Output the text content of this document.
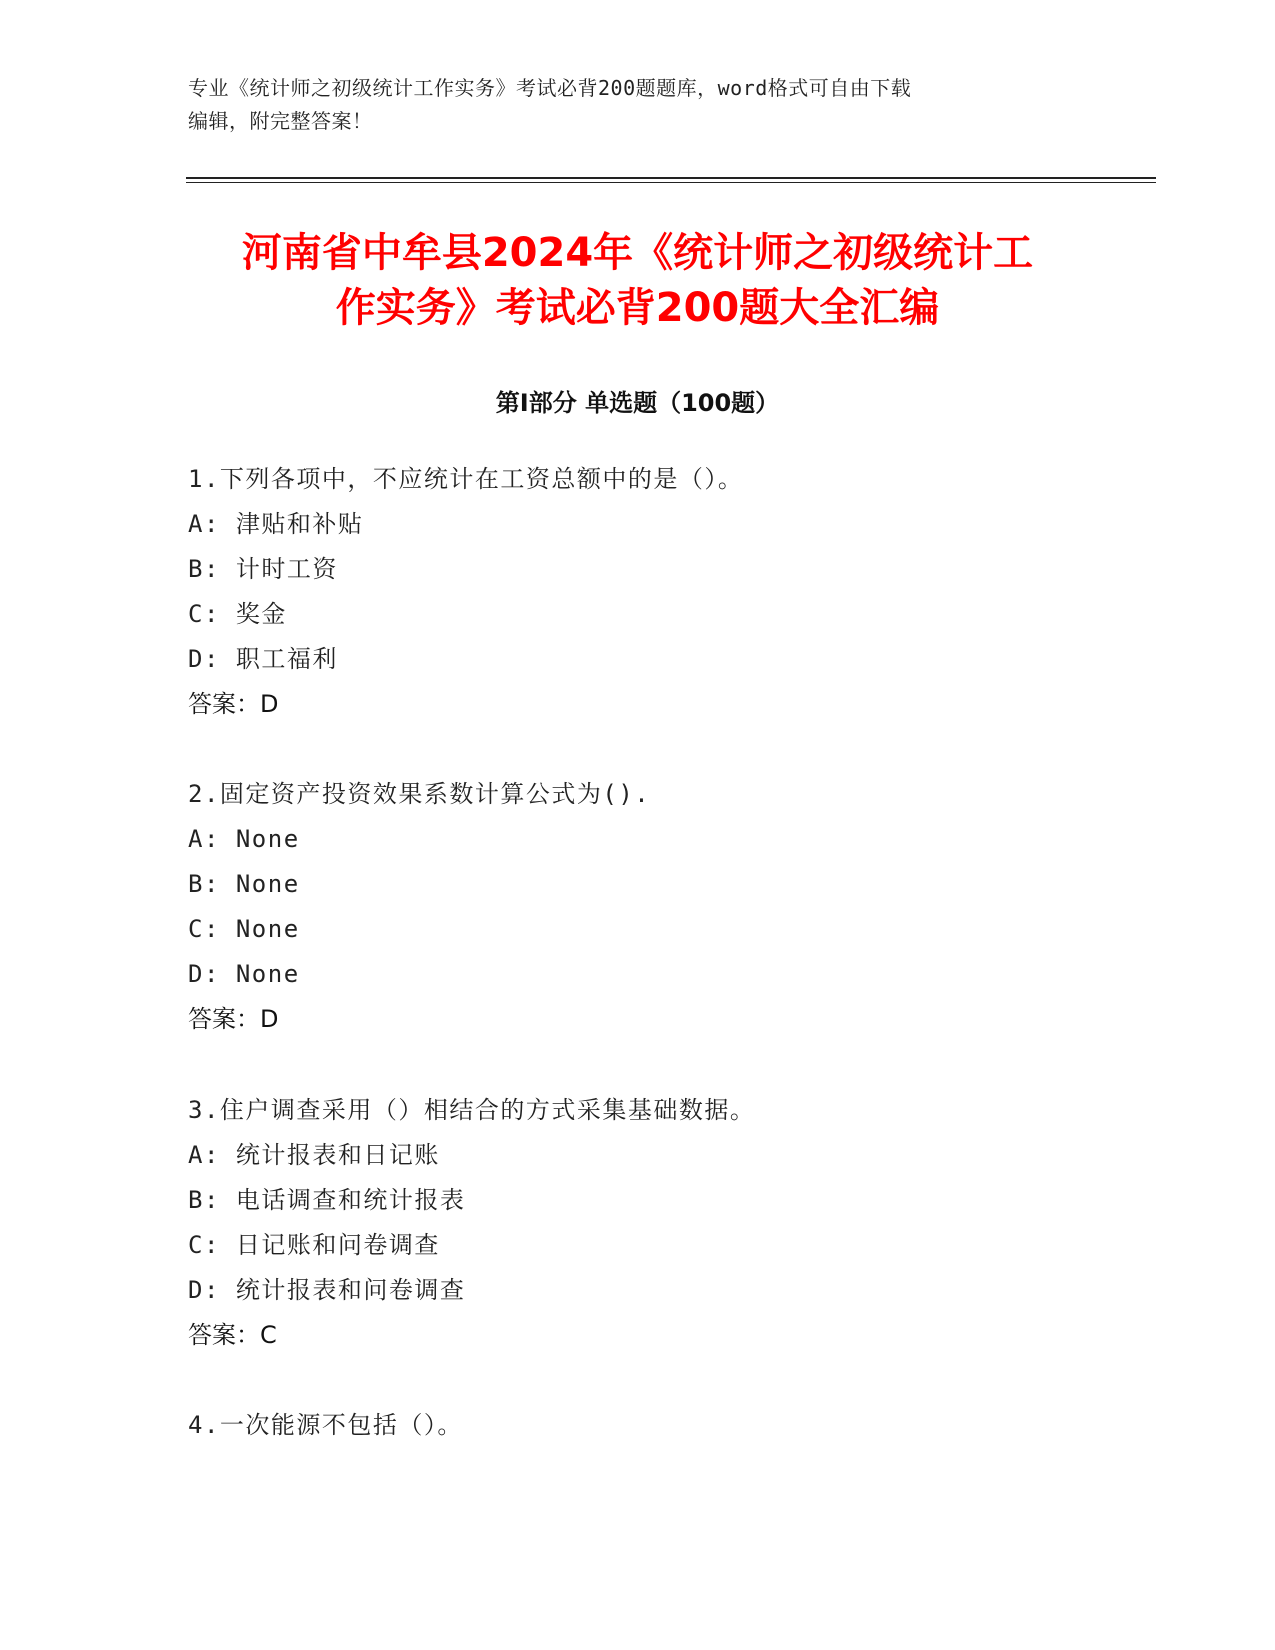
专业《统计师之初级统计工作实务》考试必背200题题库，word格式可自由下载
编辑，附完整答案！
河南省中牟县2024年《统计师之初级统计工
作实务》考试必背200题大全汇编
第Ⅰ部分 单选题（100题）
1.下列各项中，不应统计在工资总额中的是（）。
A: 津贴和补贴
B: 计时工资
C: 奖金
D: 职工福利
答案：D
2.固定资产投资效果系数计算公式为().
A: None
B: None
C: None
D: None
答案：D
3.住户调查采用（）相结合的方式采集基础数据。
A: 统计报表和日记账
B: 电话调查和统计报表
C: 日记账和问卷调查
D: 统计报表和问卷调查
答案：C
4.一次能源不包括（）。
